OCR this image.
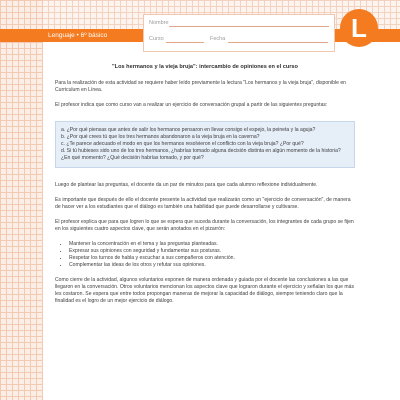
Lenguaje • 6º básico
Nombre
Curso	Fecha	L
"Los hermanos y la vieja bruja": intercambio de opiniones en el curso

Para la realización de esta actividad se requiere haber leído previamente la lectura "Los hermanos y la vieja bruja", disponible en Curriculum en Línea.

El profesor indica que como curso van a realizar un ejercicio de conversación grupal a partir de las siguientes preguntas:

a. ¿Por qué piensas que antes de salir los hermanos pensaron en llevar consigo el espejo, la peineta y la aguja?

b. ¿Por qué crees tú que los tres hermanos abandonaron a la vieja bruja en la caverna?

c. ¿Te parece adecuado el modo en que los hermanos resolvieron el conflicto con la vieja bruja? ¿Por qué?

d. Si tú hubieses sido uno de los tres hermanos, ¿habrías tomado alguna decisión distinta en algún momento de la historia? ¿En qué momento? ¿Qué decisión habrías tomado, y por qué?

Luego de plantear las preguntas, el docente da un par de minutos para que cada alumno reflexione individualmente.

Es importante que después de ello el docente presente la actividad que realizarán como un "ejercicio de conversación", de manera de hacer ver a los estudiantes que el diálogo es también una habilidad que puede desarrollarse y cultivarse.

El profesor explica que para que logren lo que se espera que suceda durante la conversación, los integrantes de cada grupo se fijen en los siguientes cuatro aspectos clave, que serán anotados en el pizarrón:

• Mantener la concentración en el tema y las preguntas planteadas.
• Expresar sus opiniones con seguridad y fundamentar sus posturas.
• Respetar los turnos de habla y escuchar a sus compañeros con atención.
• Complementar las ideas de los otros y refutar sus opiniones.

Como cierre de la actividad, algunos voluntarios exponen de manera ordenada y guiada por el docente las conclusiones a las que llegaron en la conversación. Otros voluntarios mencionan los aspectos clave que lograron durante el ejercicio y señalan los que más les costaron. Se espera que entre todos propongan maneras de mejorar la capacidad de diálogo, siempre teniendo claro que la finalidad es el logro de un mejor ejercicio de diálogo.
